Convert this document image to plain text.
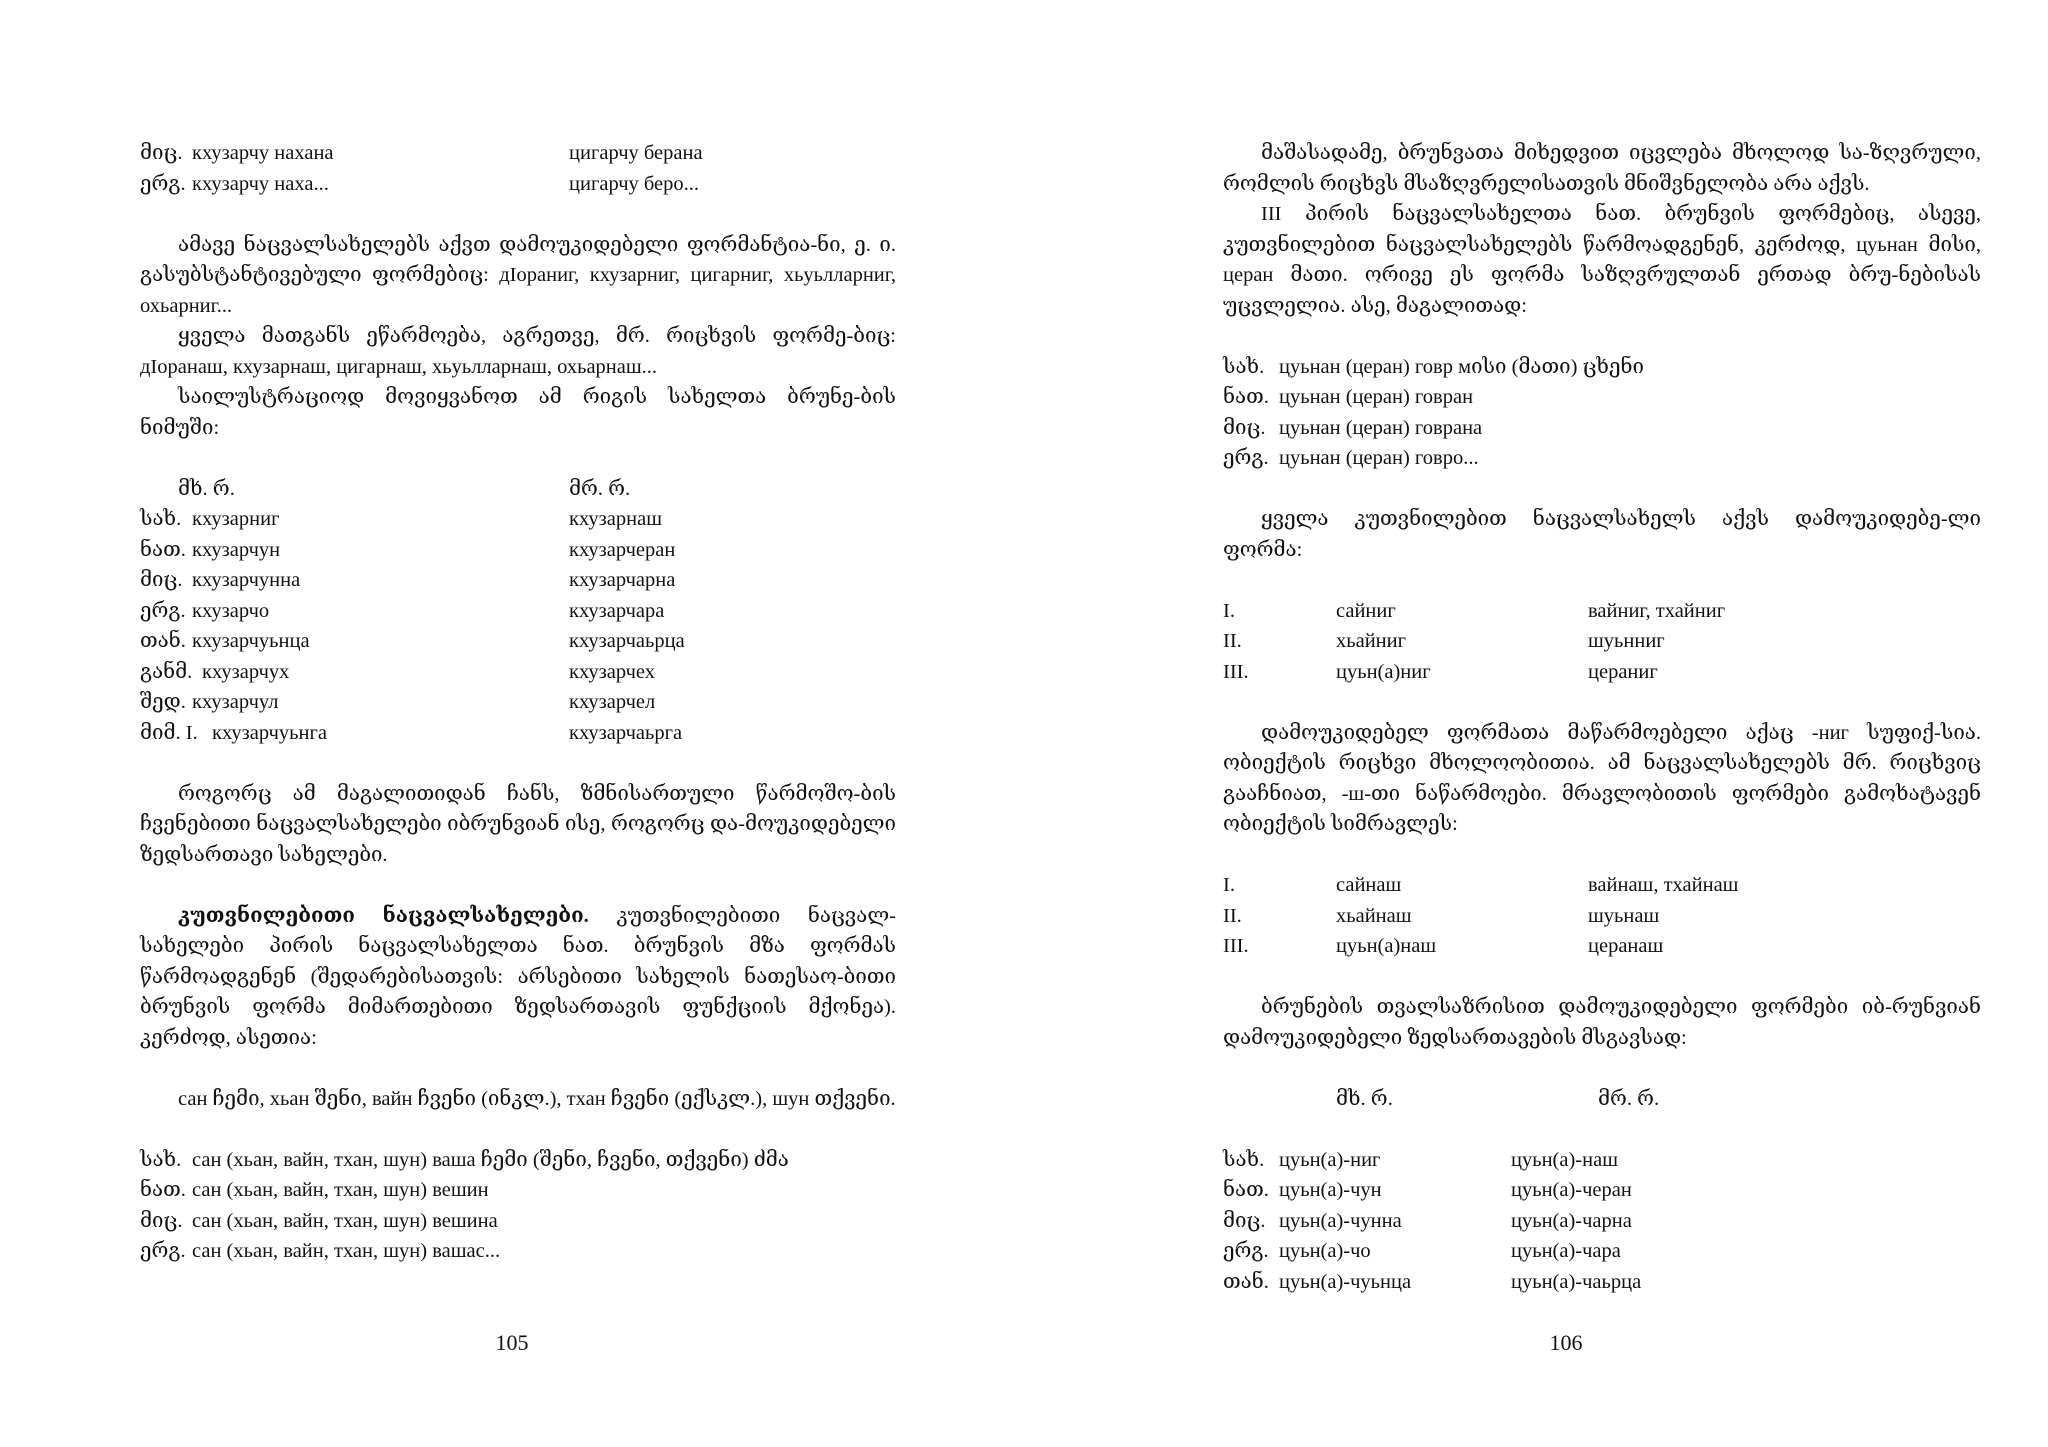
მიც. кхузарчу нахана	цигарчу берана
ერგ. кхузарчу наха...	цигарчу беро...

ამავე ნაცვალსახელებს აქვთ დამოუკიდებელი ფორმანტია-ნი, ე. ი. გასუბსტანტივებული ფორმებიც: дIораниг, кхузарниг, цигарниг, хьуьлларниг, охьарниг...

ყველა მათგანს ეწარმოება, აგრეთვე, მრ. რიცხვის ფორმე-ბიც: дIоранаш, кхузарнаш, цигарнаш, хьуьлларнаш, охьарнаш...

საილუსტრაციოდ მოვიყვანოთ ამ რიგის სახელთა ბრუნე-ბის ნიმუში:

მხ. რ.	მრ. რ.
სახ. кхузарниг	кхузарнаш
ნათ. кхузарчун	кхузарчеран
მიც. кхузарчунна	кхузарчарна
ერგ. кхузарчо	кхузарчара
თან. кхузарчуьнца	кхузарчаьрца
განმ. кхузарчух	кхузарчех
შედ. кхузарчул	кхузарчел
მიმ. I. кхузарчуьнга	кхузарчаьрга

როგორც ამ მაგალითიდან ჩანს, ზმნისართული წარმოშო-ბის ჩვენებითი ნაცვალსახელები იბრუნვიან ისე, როგორც და-მოუკიდებელი ზედსართავი სახელები.

კუთვნილებითი ნაცვალსახელები. კუთვნილებითი ნაცვალ-სახელები პირის ნაცვალსახელთა ნათ. ბრუნვის მზა ფორმას წარმოადგენენ (შედარებისათვის: არსებითი სახელის ნათესაო-ბითი ბრუნვის ფორმა მიმართებითი ზედსართავის ფუნქციის მქონეა). კერძოდ, ასეთია:

сан ჩემი, хьан შენი, вайн ჩვენი (ინკლ.), тхан ჩვენი (ექსკლ.), шун თქვენი.

სახ. сан (хьан, вайн, тхан, шун) ваша ჩემი (შენი, ჩვენი, თქვენი) ძმა
ნათ. сан (хьан, вайн, тхан, шун) вешин
მიც. сан (хьан, вайн, тхан, шун) вешина
ერგ. сан (хьан, вайн, тхан, шун) вашас...
105

მაშასადამე, ბრუნვათა მიხედვით იცვლება მხოლოდ სა-ზღვრული, რომლის რიცხვს მსაზღვრელისათვის მნიშვნელობა არა აქვს.

III პირის ნაცვალსახელთა ნათ. ბრუნვის ფორმებიც, ასევე, კუთვნილებით ნაცვალსახელებს წარმოადგენენ, კერძოდ, цуьнан მისი, церан მათი. ორივე ეს ფორმა საზღვრულთან ერთად ბრუ-ნებისას უცვლელია. ასე, მაგალითად:

სახ. цуьнан (церан) говр мისი (მათი) ცხენი
ნათ. цуьнан (церан) говран
მიც. цуьнан (церан) говрана
ერგ. цуьнан (церан) говро...

ყველა კუთვნილებით ნაცვალსახელს აქვს დამოუკიდებე-ლი ფორმა:

I.	сайниг	вайниг, тхайниг
II.	хьайниг	шуьнниг
III.	цуьн(а)ниг	цераниг

დამოუკიდებელ ფორმათა მაწარმოებელი აქაც -ниг სუფიქ-სია. ობიექტის რიცხვი მხოლოობითია. ამ ნაცვალსახელებს მრ. რიცხვიც გააჩნიათ, -ш-თი ნაწარმოები. მრავლობითის ფორმები გამოხატავენ ობიექტის სიმრავლეს:

I.	сайнаш	вайнаш, тхайнаш
II.	хьайнаш	шуьнаш
III.	цуьн(а)наш	церанаш

ბრუნების თვალსაზრისით დამოუკიდებელი ფორმები იბ-რუნვიან დამოუკიდებელი ზედსართავების მსგავსად:

მხ. რ.	მრ. რ.
სახ. цуьн(а)-ниг	цуьн(а)-наш
ნათ. цуьн(а)-чун	цуьн(а)-черан
მიც. цуьн(а)-чунна	цуьн(а)-чарна
ერგ. цуьн(а)-чо	цуьн(а)-чара
თან. цуьн(а)-чуьнца	цуьн(а)-чаьрца
106
